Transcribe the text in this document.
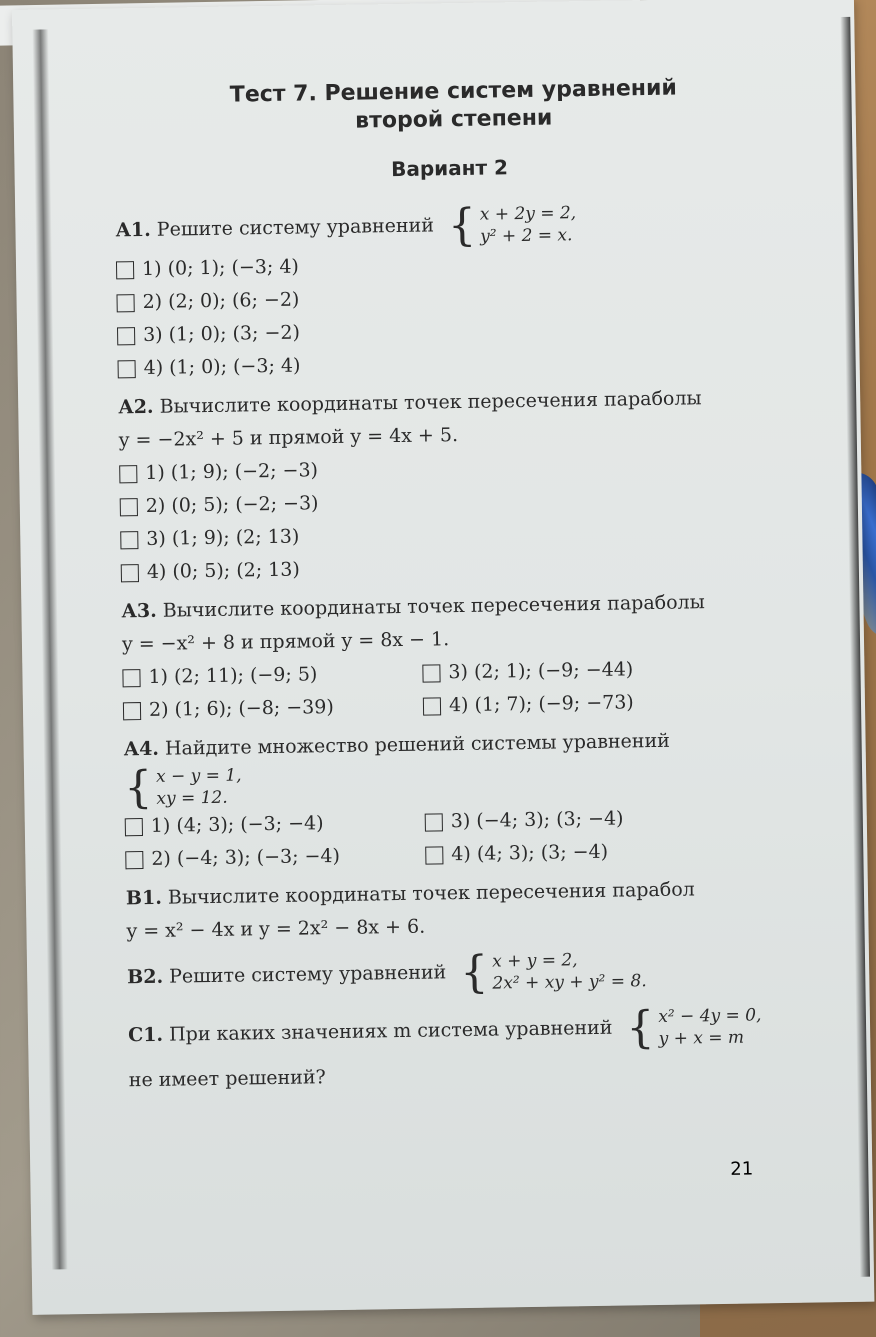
Тест 7. Решение систем уравнений
второй степени
Вариант 2
А1. Решите систему уравнений { x + 2y = 2,
y² + 2 = x.
1) (0; 1); (−3; 4)
2) (2; 0); (6; −2)
3) (1; 0); (3; −2)
4) (1; 0); (−3; 4)
А2. Вычислите координаты точек пересечения параболы
y = −2x² + 5 и прямой y = 4x + 5.
1) (1; 9); (−2; −3)
2) (0; 5); (−2; −3)
3) (1; 9); (2; 13)
4) (0; 5); (2; 13)
А3. Вычислите координаты точек пересечения параболы
y = −x² + 8 и прямой y = 8x − 1.
1) (2; 11); (−9; 5)	3) (2; 1); (−9; −44)
2) (1; 6); (−8; −39)	4) (1; 7); (−9; −73)
А4. Найдите множество решений системы уравнений
{ x − y = 1,
xy = 12.
1) (4; 3); (−3; −4)	3) (−4; 3); (3; −4)
2) (−4; 3); (−3; −4)	4) (4; 3); (3; −4)
В1. Вычислите координаты точек пересечения парабол
y = x² − 4x и y = 2x² − 8x + 6.
В2. Решите систему уравнений { x + y = 2,
2x² + xy + y² = 8.
С1. При каких значениях m система уравнений { x² − 4y = 0,
y + x = m
не имеет решений?
21
